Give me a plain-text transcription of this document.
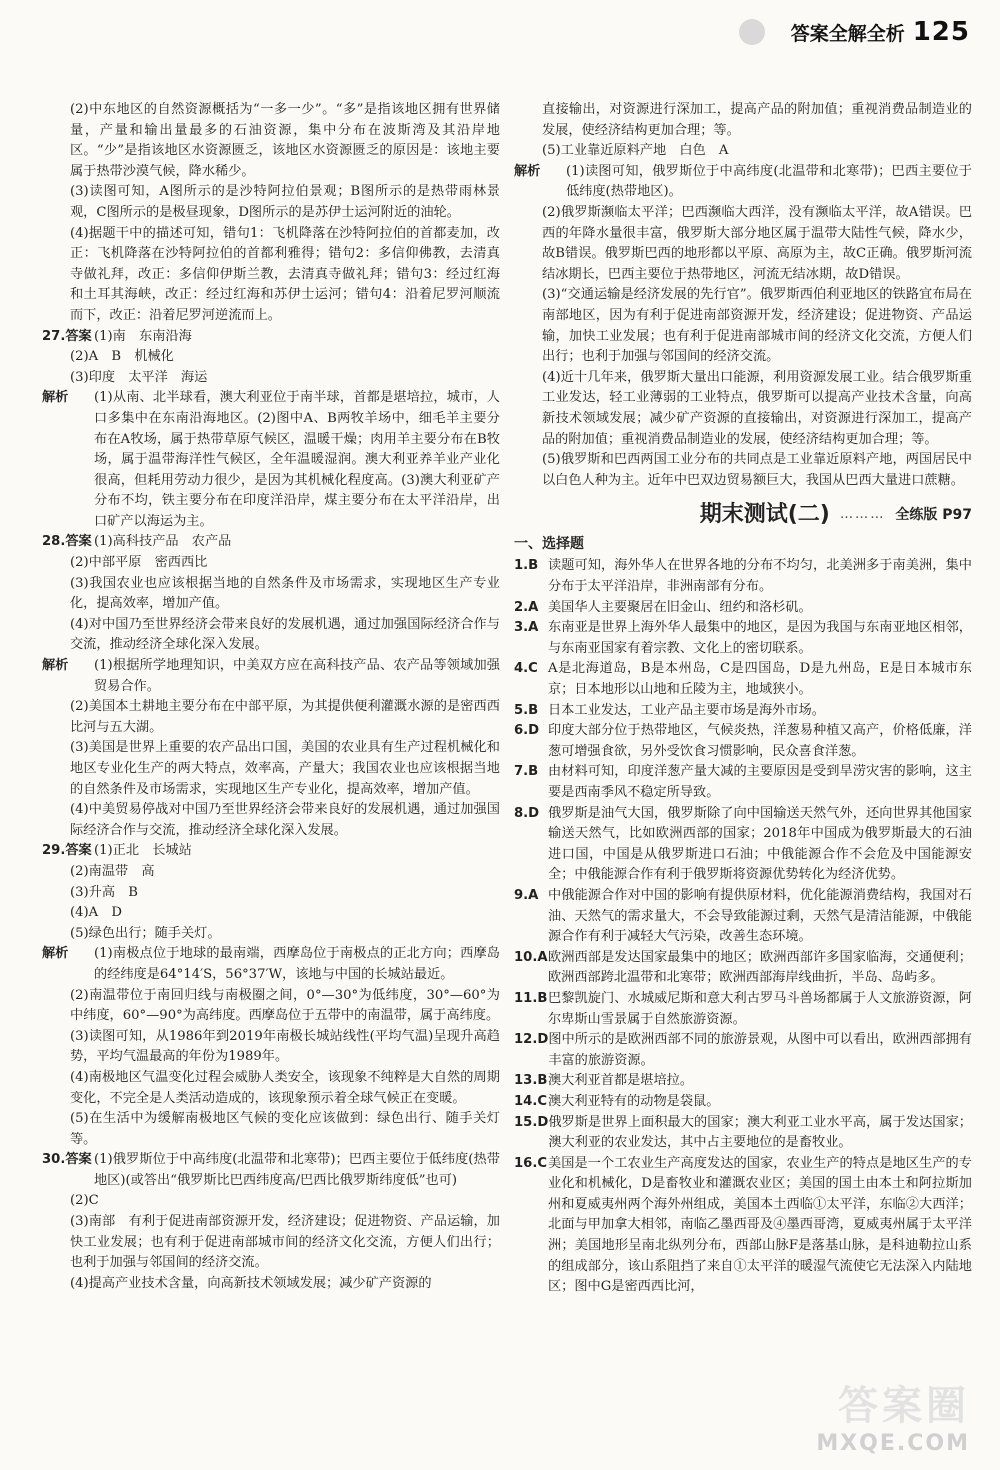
答案全解全析 125

(2)中东地区的自然资源概括为“一多一少”。“多”是指该地区拥有世界储量，产量和输出量最多的石油资源，集中分布在波斯湾及其沿岸地区。“少”是指该地区水资源匮乏，该地区水资源匮乏的原因是：该地主要属于热带沙漠气候，降水稀少。

(3)读图可知，A图所示的是沙特阿拉伯景观；B图所示的是热带雨林景观，C图所示的是极昼现象，D图所示的是苏伊士运河附近的油轮。

(4)据题干中的描述可知，错句1：飞机降落在沙特阿拉伯的首都麦加，改正：飞机降落在沙特阿拉伯的首都利雅得；错句2：多信仰佛教，去清真寺做礼拜，改正：多信仰伊斯兰教，去清真寺做礼拜；错句3：经过红海和土耳其海峡，改正：经过红海和苏伊士运河；错句4：沿着尼罗河顺流而下，改正：沿着尼罗河逆流而上。

27.答案 (1)南　东南沿海

(2)A　B　机械化

(3)印度　太平洋　海运

解析	(1)从南、北半球看，澳大利亚位于南半球，首都是堪培拉，城市，人口多集中在东南沿海地区。(2)图中A、B两牧羊场中，细毛羊主要分布在A牧场，属于热带草原气候区，温暖干燥；肉用羊主要分布在B牧场，属于温带海洋性气候区，全年温暖湿润。澳大利亚养羊业产业化很高，但耗用劳动力很少，是因为其机械化程度高。(3)澳大利亚矿产分布不均，铁主要分布在印度洋沿岸，煤主要分布在太平洋沿岸，出口矿产以海运为主。
28.答案 (1)高科技产品　农产品

(2)中部平原　密西西比

(3)我国农业也应该根据当地的自然条件及市场需求，实现地区生产专业化，提高效率，增加产值。

(4)对中国乃至世界经济会带来良好的发展机遇，通过加强国际经济合作与交流，推动经济全球化深入发展。

解析	(1)根据所学地理知识，中美双方应在高科技产品、农产品等领域加强贸易合作。

(2)美国本土耕地主要分布在中部平原，为其提供便利灌溉水源的是密西西比河与五大湖。

(3)美国是世界上重要的农产品出口国，美国的农业具有生产过程机械化和地区专业化生产的两大特点，效率高，产量大；我国农业也应该根据当地的自然条件及市场需求，实现地区生产专业化，提高效率，增加产值。

(4)中美贸易停战对中国乃至世界经济会带来良好的发展机遇，通过加强国际经济合作与交流，推动经济全球化深入发展。

29.答案 (1)正北　长城站

(2)南温带　高

(3)升高　B

(4)A　D

(5)绿色出行；随手关灯。

解析	(1)南极点位于地球的最南端，西摩岛位于南极点的正北方向；西摩岛的经纬度是64°14′S，56°37′W，该地与中国的长城站最近。

(2)南温带位于南回归线与南极圈之间，0°—30°为低纬度，30°—60°为中纬度，60°—90°为高纬度。西摩岛位于五带中的南温带，属于高纬度。

(3)读图可知，从1986年到2019年南极长城站线性(平均气温)呈现升高趋势，平均气温最高的年份为1989年。

(4)南极地区气温变化过程会威胁人类安全，该现象不纯粹是大自然的周期变化，不完全是人类活动造成的，该现象预示着全球气候正在变暖。

(5)在生活中为缓解南极地区气候的变化应该做到：绿色出行、随手关灯等。

30.答案 (1)俄罗斯位于中高纬度(北温带和北寒带)；巴西主要位于低纬度(热带地区)(或答出“俄罗斯比巴西纬度高/巴西比俄罗斯纬度低”也可)

(2)C

(3)南部　有利于促进南部资源开发，经济建设；促进物资、产品运输，加快工业发展；也有利于促进南部城市间的经济文化交流，方便人们出行；也利于加强与邻国间的经济交流。

(4)提高产业技术含量，向高新技术领域发展；减少矿产资源的

直接输出，对资源进行深加工，提高产品的附加值；重视消费品制造业的发展，使经济结构更加合理；等。

(5)工业靠近原料产地　白色　A

解析	(1)读图可知，俄罗斯位于中高纬度(北温带和北寒带)；巴西主要位于低纬度(热带地区)。

(2)俄罗斯濒临太平洋；巴西濒临大西洋，没有濒临太平洋，故A错误。巴西的年降水量很丰富，俄罗斯大部分地区属于温带大陆性气候，降水少，故B错误。俄罗斯巴西的地形都以平原、高原为主，故C正确。俄罗斯河流结冰期长，巴西主要位于热带地区，河流无结冰期，故D错误。

(3)“交通运输是经济发展的先行官”。俄罗斯西伯利亚地区的铁路宜布局在南部地区，因为有利于促进南部资源开发，经济建设；促进物资、产品运输，加快工业发展；也有利于促进南部城市间的经济文化交流，方便人们出行；也利于加强与邻国间的经济交流。

(4)近十几年来，俄罗斯大量出口能源，利用资源发展工业。结合俄罗斯重工业发达，轻工业薄弱的工业特点，俄罗斯可以提高产业技术含量，向高新技术领域发展；减少矿产资源的直接输出，对资源进行深加工，提高产品的附加值；重视消费品制造业的发展，使经济结构更加合理；等。

(5)俄罗斯和巴西两国工业分布的共同点是工业靠近原料产地，两国居民中以白色人种为主。近年中巴双边贸易额巨大，我国从巴西大量进口蔗糖。

期末测试(二) ……… 全练版 P97
一、选择题
1.B 读题可知，海外华人在世界各地的分布不均匀，北美洲多于南美洲，集中分布于太平洋沿岸，非洲南部有分布。
2.A 美国华人主要聚居在旧金山、纽约和洛杉矶。
3.A 东南亚是世界上海外华人最集中的地区，是因为我国与东南亚地区相邻，与东南亚国家有着宗教、文化上的密切联系。
4.C A是北海道岛，B是本州岛，C是四国岛，D是九州岛，E是日本城市东京；日本地形以山地和丘陵为主，地域狭小。
5.B 日本工业发达，工业产品主要市场是海外市场。
6.D 印度大部分位于热带地区，气候炎热，洋葱易种植又高产，价格低廉，洋葱可增强食欲，另外受饮食习惯影响，民众喜食洋葱。
7.B 由材料可知，印度洋葱产量大减的主要原因是受到旱涝灾害的影响，这主要是西南季风不稳定所导致。
8.D 俄罗斯是油气大国，俄罗斯除了向中国输送天然气外，还向世界其他国家输送天然气，比如欧洲西部的国家；2018年中国成为俄罗斯最大的石油进口国，中国是从俄罗斯进口石油；中俄能源合作不会危及中国能源安全；中俄能源合作有利于俄罗斯将资源优势转化为经济优势。
9.A 中俄能源合作对中国的影响有提供原材料，优化能源消费结构，我国对石油、天然气的需求量大，不会导致能源过剩，天然气是清洁能源，中俄能源合作有利于减轻大气污染，改善生态环境。
10.A 欧洲西部是发达国家最集中的地区；欧洲西部许多国家临海，交通便利；欧洲西部跨北温带和北寒带；欧洲西部海岸线曲折，半岛、岛屿多。
11.B 巴黎凯旋门、水城威尼斯和意大利古罗马斗兽场都属于人文旅游资源，阿尔卑斯山雪景属于自然旅游资源。
12.D 图中所示的是欧洲西部不同的旅游景观，从图中可以看出，欧洲西部拥有丰富的旅游资源。
13.B 澳大利亚首都是堪培拉。
14.C 澳大利亚特有的动物是袋鼠。
15.D 俄罗斯是世界上面积最大的国家；澳大利亚工业水平高，属于发达国家；澳大利亚的农业发达，其中占主要地位的是畜牧业。
16.C 美国是一个工农业生产高度发达的国家，农业生产的特点是地区生产的专业化和机械化，D是畜牧业和灌溉农业区；美国的国土由本土和阿拉斯加州和夏威夷州两个海外州组成，美国本土西临①太平洋，东临②大西洋；北面与甲加拿大相邻，南临乙墨西哥及④墨西哥湾，夏威夷州属于太平洋洲；美国地形呈南北纵列分布，西部山脉F是落基山脉，是科迪勒拉山系的组成部分，该山系阻挡了来自①太平洋的暖湿气流使它无法深入内陆地区；图中G是密西西比河，
答案圈
MXQE.COM
